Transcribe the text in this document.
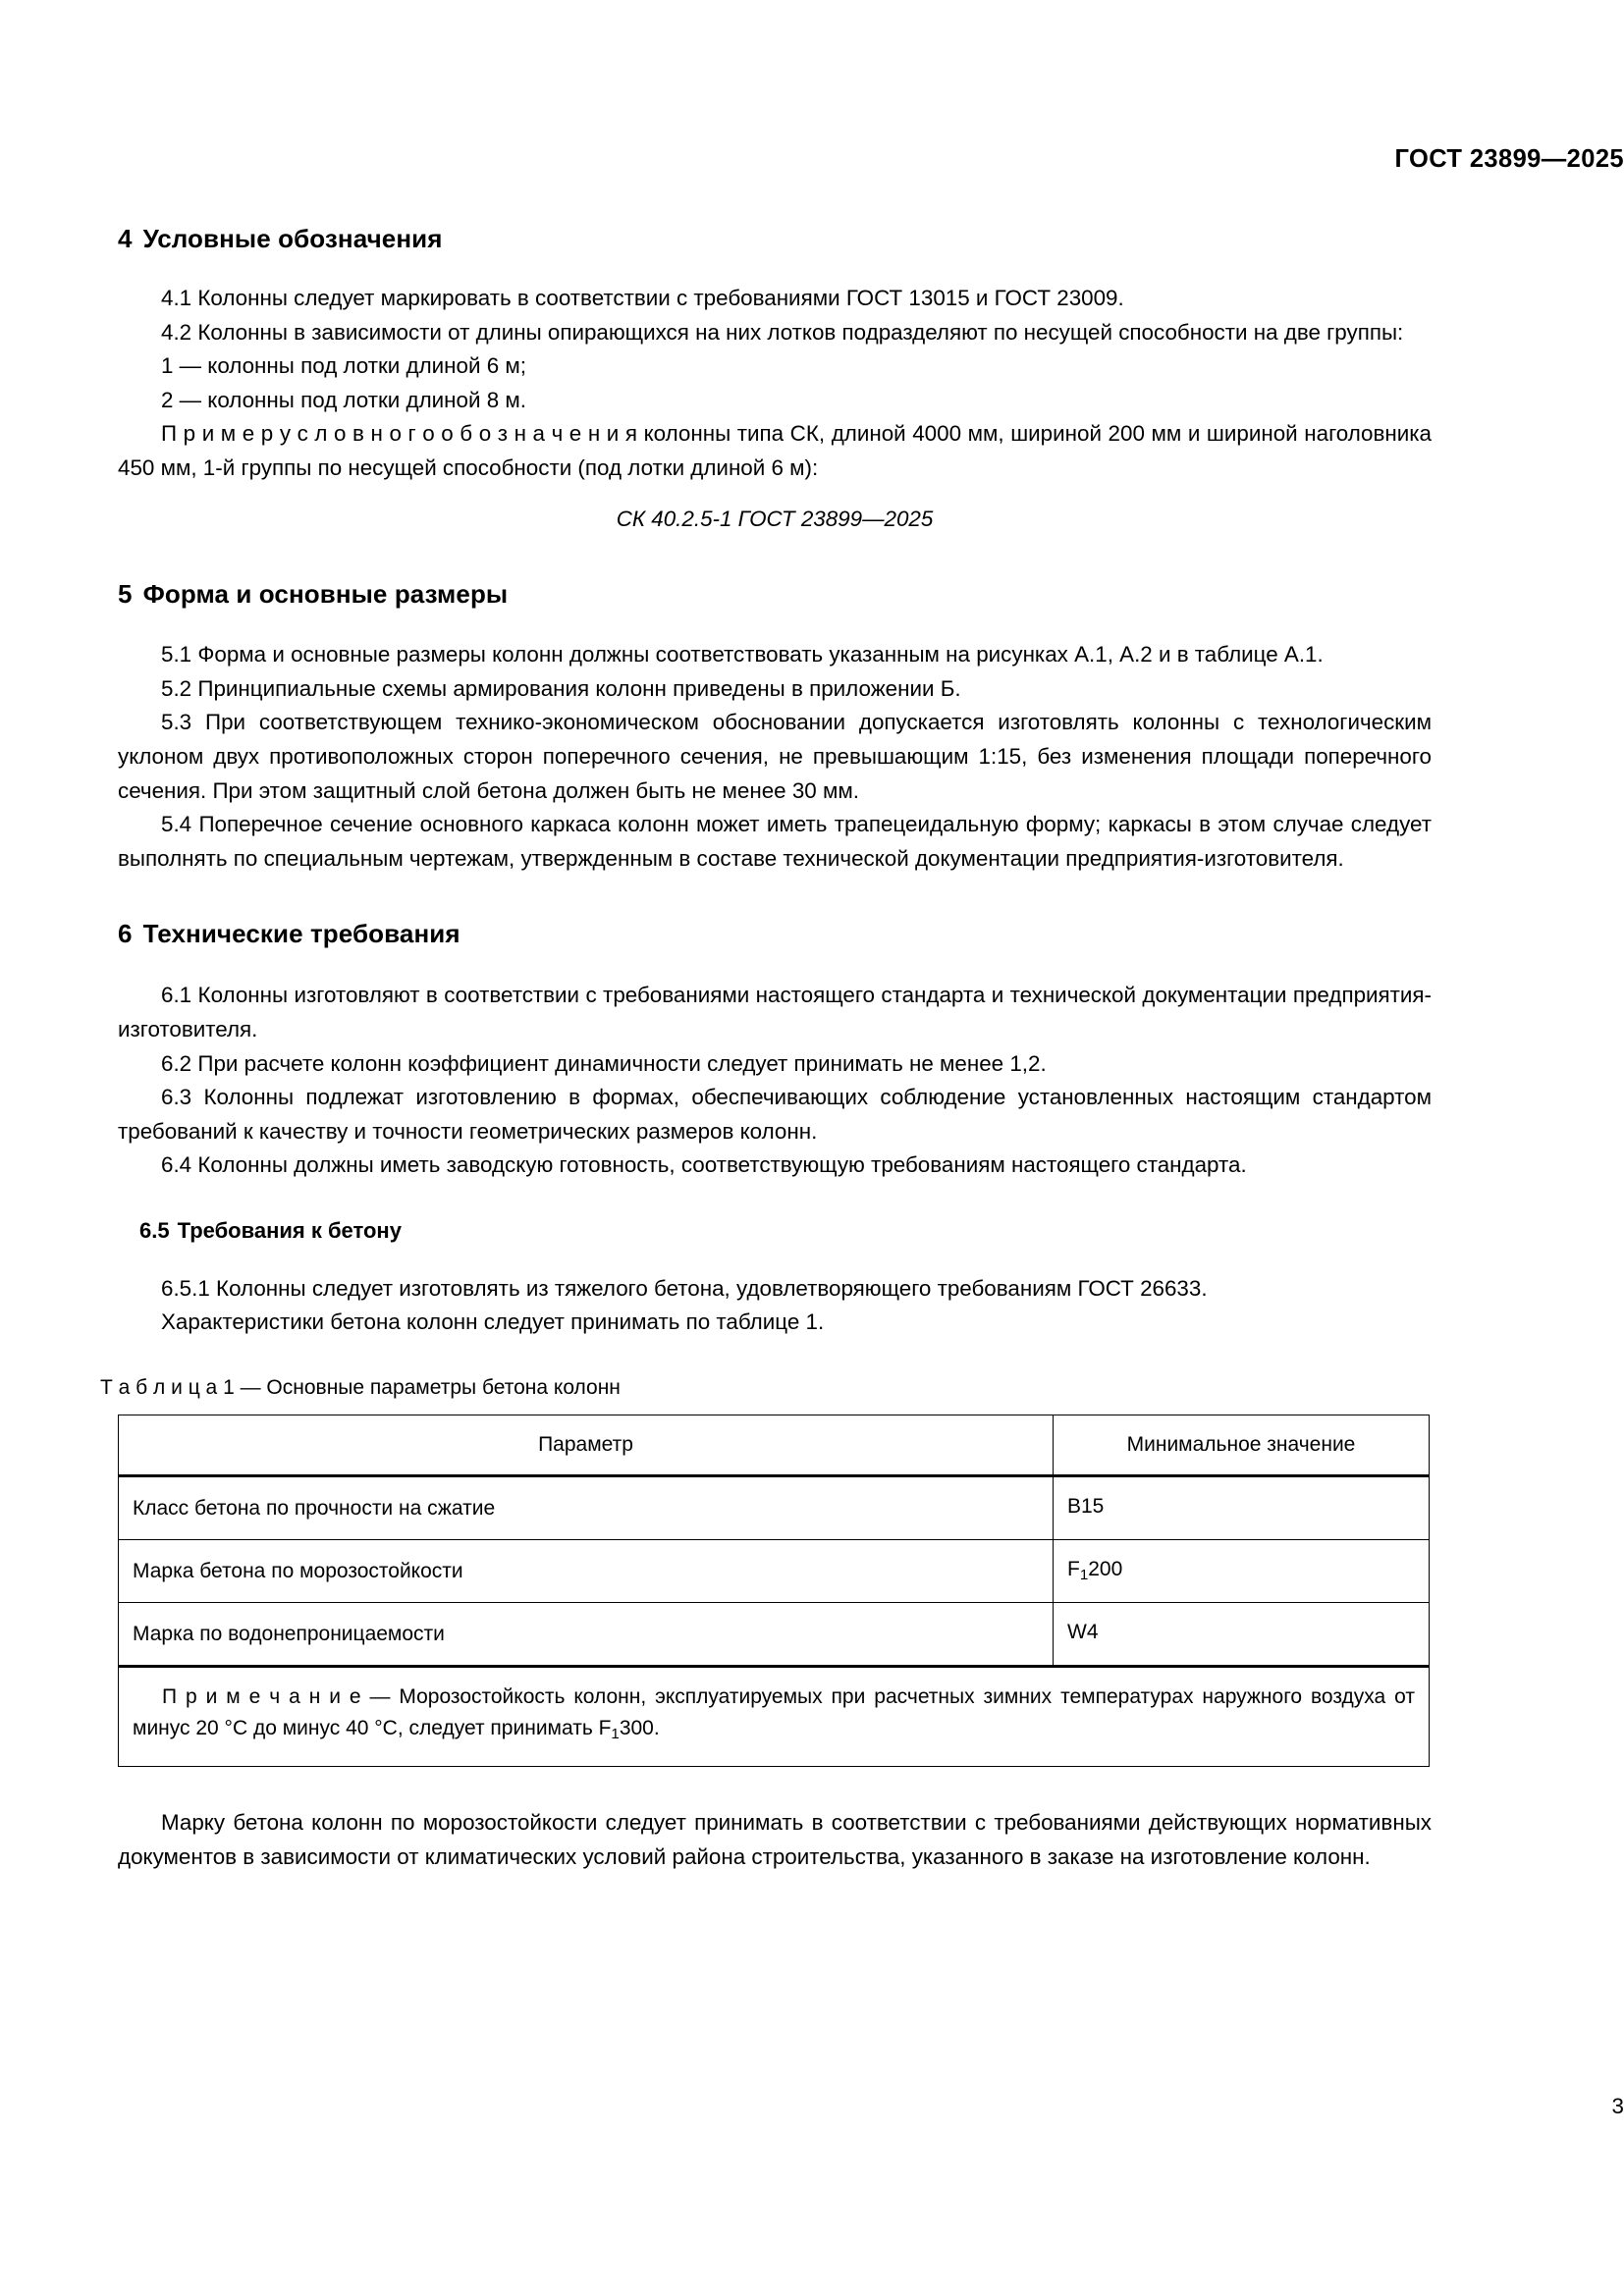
ГОСТ 23899—2025
4 Условные обозначения

4.1 Колонны следует маркировать в соответствии с требованиями ГОСТ 13015 и ГОСТ 23009.

4.2 Колонны в зависимости от длины опирающихся на них лотков подразделяют по несущей способности на две группы:

1 — колонны под лотки длиной 6 м;

2 — колонны под лотки длиной 8 м.

П р и м е р у с л о в н о г о о б о з н а ч е н и я колонны типа СК, длиной 4000 мм, шириной 200 мм и шириной наголовника 450 мм, 1-й группы по несущей способности (под лотки длиной 6 м):

СК 40.2.5-1 ГОСТ 23899—2025

5 Форма и основные размеры

5.1 Форма и основные размеры колонн должны соответствовать указанным на рисунках А.1, А.2 и в таблице А.1.

5.2 Принципиальные схемы армирования колонн приведены в приложении Б.

5.3 При соответствующем технико-экономическом обосновании допускается изготовлять колонны с технологическим уклоном двух противоположных сторон поперечного сечения, не превышающим 1:15, без изменения площади поперечного сечения. При этом защитный слой бетона должен быть не менее 30 мм.

5.4 Поперечное сечение основного каркаса колонн может иметь трапецеидальную форму; каркасы в этом случае следует выполнять по специальным чертежам, утвержденным в составе технической документации предприятия-изготовителя.

6 Технические требования

6.1 Колонны изготовляют в соответствии с требованиями настоящего стандарта и технической документации предприятия-изготовителя.

6.2 При расчете колонн коэффициент динамичности следует принимать не менее 1,2.

6.3 Колонны подлежат изготовлению в формах, обеспечивающих соблюдение установленных настоящим стандартом требований к качеству и точности геометрических размеров колонн.

6.4 Колонны должны иметь заводскую готовность, соответствующую требованиям настоящего стандарта.

6.5 Требования к бетону

6.5.1 Колонны следует изготовлять из тяжелого бетона, удовлетворяющего требованиям ГОСТ 26633.

Характеристики бетона колонн следует принимать по таблице 1.

Т а б л и ц а 1 — Основные параметры бетона колонн

Параметр	Минимальное значение
Класс бетона по прочности на сжатие	B15
Марка бетона по морозостойкости	$F_1200$
Марка по водонепроницаемости	W4
П р и м е ч а н и е — Морозостойкость колонн, эксплуатируемых при расчетных зимних температурах наружного воздуха от минус 20 °C до минус 40 °C, следует принимать $F_1300$.	

Марку бетона колонн по морозостойкости следует принимать в соответствии с требованиями действующих нормативных документов в зависимости от климатических условий района строительства, указанного в заказе на изготовление колонн.

3
